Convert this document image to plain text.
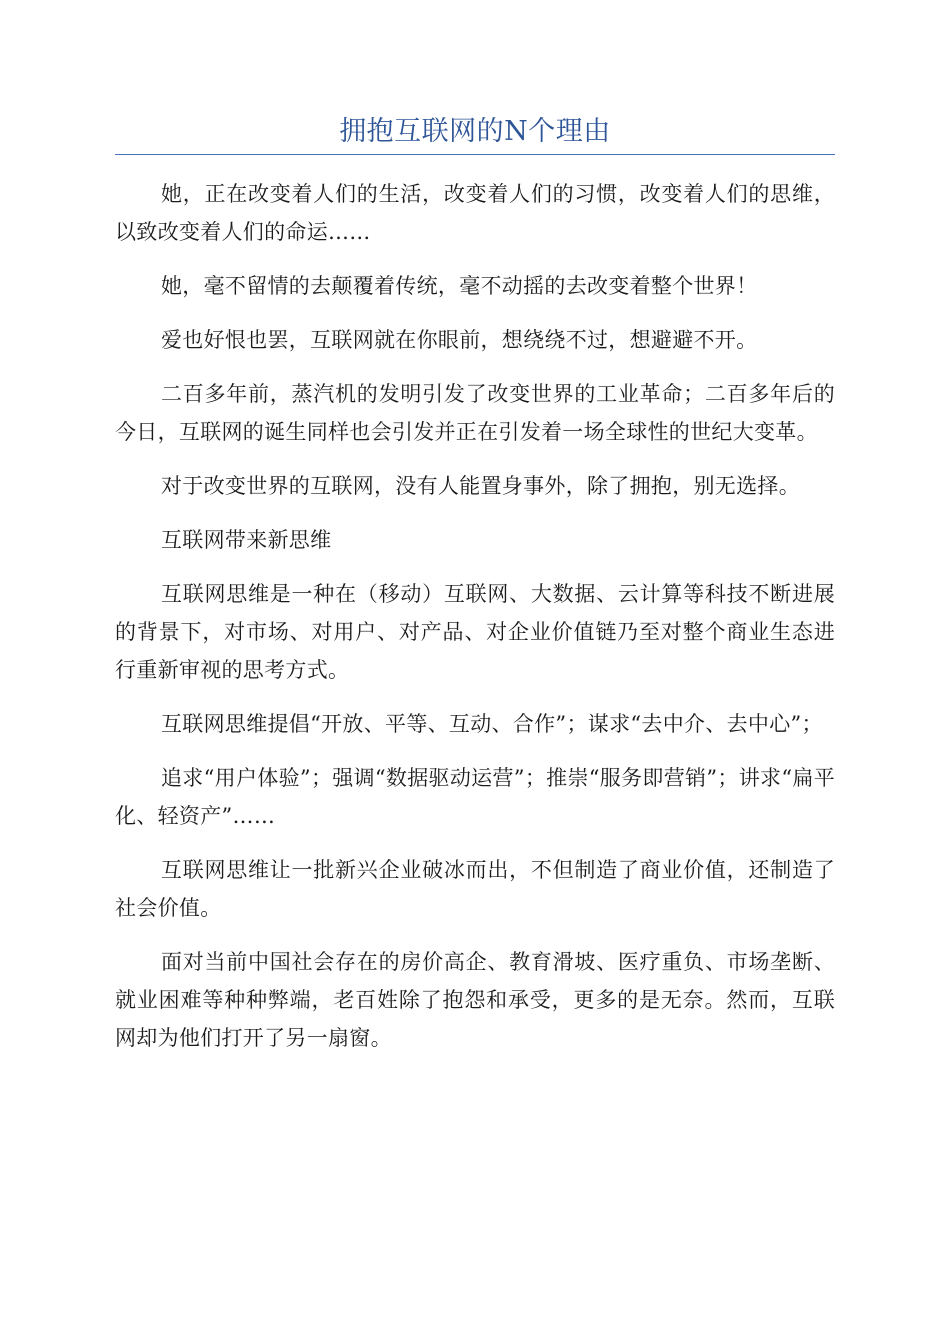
拥抱互联网的N个理由

她，正在改变着人们的生活，改变着人们的习惯，改变着人们的思维，以致改变着人们的命运……

她，毫不留情的去颠覆着传统，毫不动摇的去改变着整个世界！

爱也好恨也罢，互联网就在你眼前，想绕绕不过，想避避不开。

二百多年前，蒸汽机的发明引发了改变世界的工业革命；二百多年后的今日，互联网的诞生同样也会引发并正在引发着一场全球性的世纪大变革。

对于改变世界的互联网，没有人能置身事外，除了拥抱，别无选择。

互联网带来新思维

互联网思维是一种在（移动）互联网、大数据、云计算等科技不断进展的背景下，对市场、对用户、对产品、对企业价值链乃至对整个商业生态进行重新审视的思考方式。

互联网思维提倡“开放、平等、互动、合作”；谋求“去中介、去中心”；

追求“用户体验”；强调“数据驱动运营”；推崇“服务即营销”；讲求“扁平化、轻资产”……

互联网思维让一批新兴企业破冰而出，不但制造了商业价值，还制造了社会价值。

面对当前中国社会存在的房价高企、教育滑坡、医疗重负、市场垄断、就业困难等种种弊端，老百姓除了抱怨和承受，更多的是无奈。然而，互联网却为他们打开了另一扇窗。
